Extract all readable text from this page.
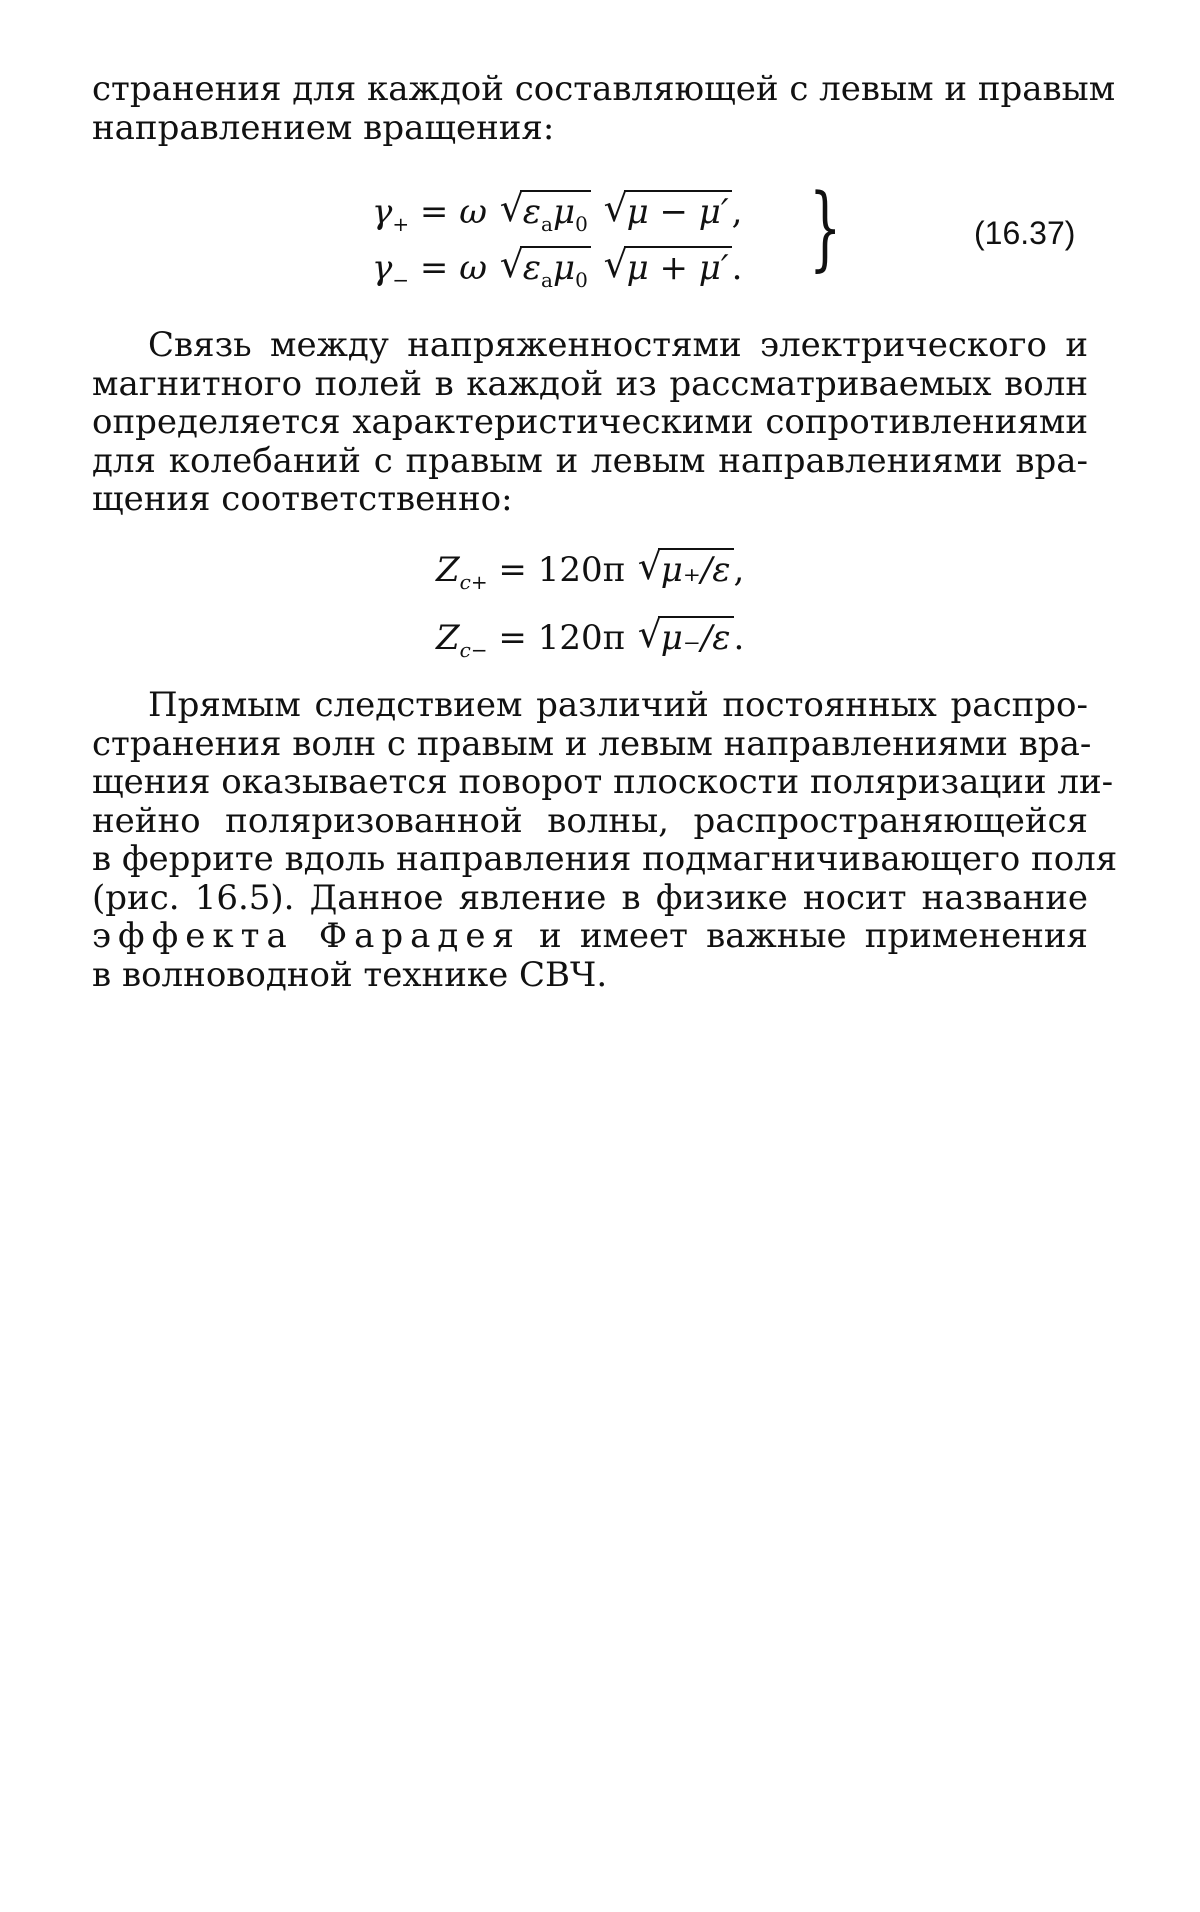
странения для каждой составляющей с левым и правым
направлением вращения:
$\gamma_+ = \omega$ √
$\varepsilon_a\mu_0$ √
μ − μ′,
$\gamma_- = \omega$ √
$\varepsilon_a\mu_0$ √
μ + μ′. }	(16.37)
Связь между напряженностями электрического и
магнитного полей в каждой из рассматриваемых волн
определяется характеристическими сопротивлениями
для колебаний с правым и левым направлениями вра-
щения соответственно:
$Z_{c+} = 120\pi$ √
μ₊/ε,
$Z_{c-} = 120\pi$ √
μ₋/ε.
Прямым следствием различий постоянных распро-
странения волн с правым и левым направлениями вра-
щения оказывается поворот плоскости поляризации ли-
нейно поляризованной волны, распространяющейся
в феррите вдоль направления подмагничивающего поля
(рис. 16.5). Данное явление в физике носит название
эффекта Фарадея и имеет важные применения
в волноводной технике СВЧ.
